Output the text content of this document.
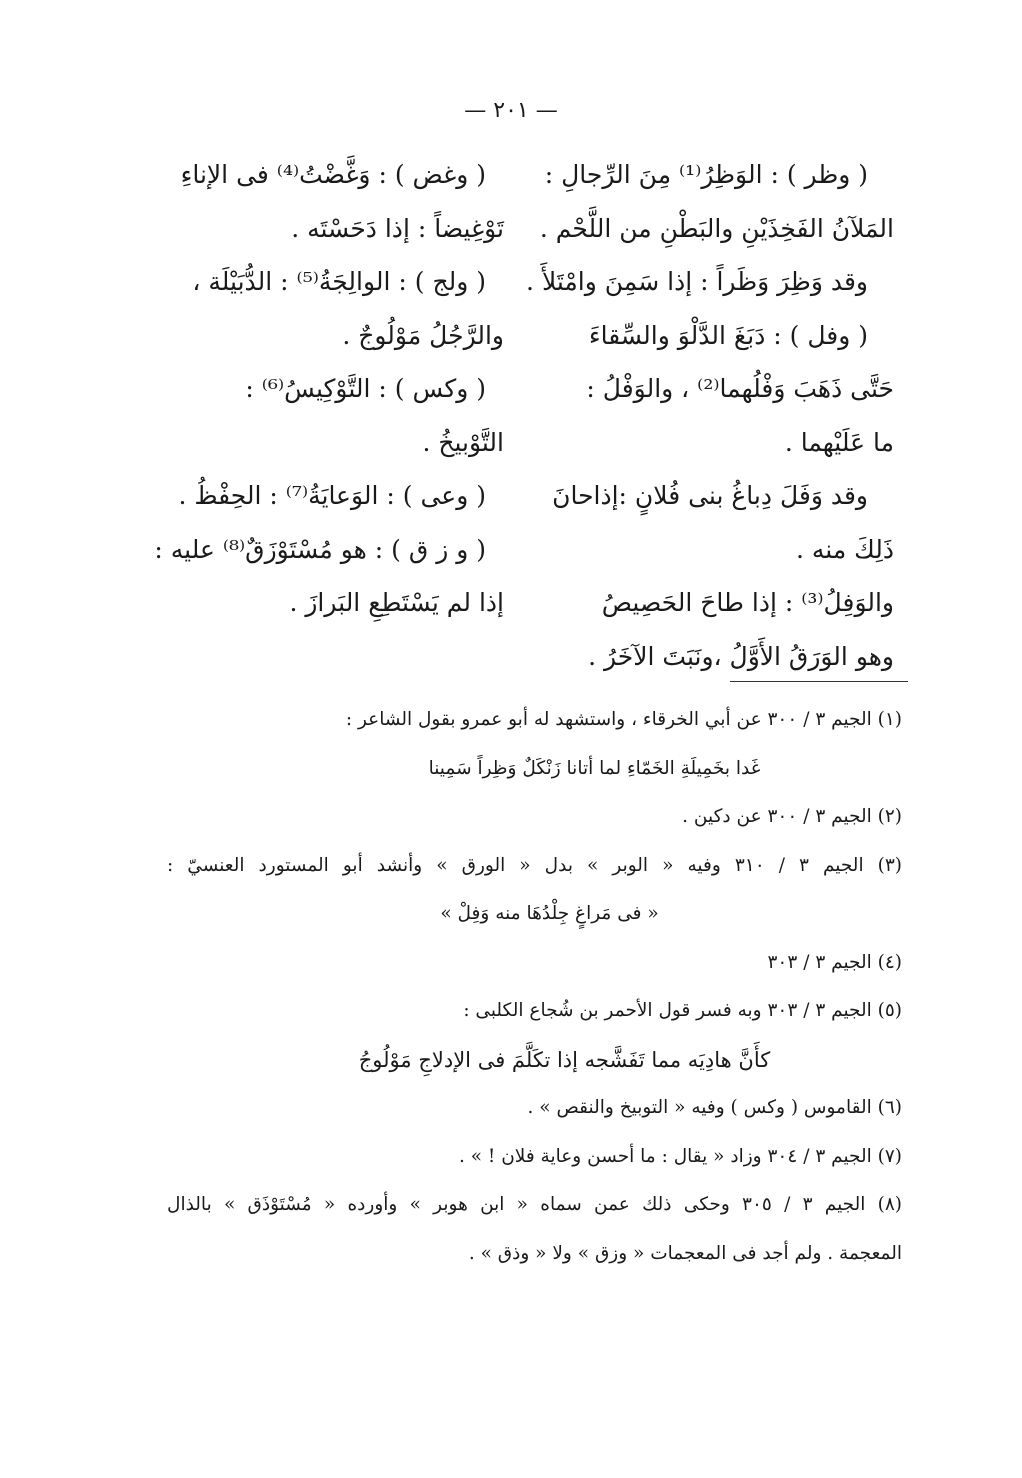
— ٢٠١ —
( وظر ) : الوَظِرُ⁽¹⁾ مِنَ الرِّجالِ :
المَلآنُ الفَخِذَيْنِ والبَطْنِ من اللَّحْم .
وقد وَظِرَ وَظَراً : إذا سَمِنَ وامْتَلأَ .
( وفل ) : دَبَغَ الدَّلْوَ والسِّقاءَ
حَتَّى ذَهَبَ وَفْلُهما⁽²⁾ ، والوَفْلُ :
ما عَلَيْهما .
وقد وَفَلَ دِباغُ بنى فُلانٍ :إذاحانَ
ذَلِكَ منه .
والوَفِلُ⁽³⁾ : إذا طاحَ الحَصِيصُ
وهو الوَرَقُ الأَوَّلُ ،ونَبَتَ الآخَرُ .
( وغض ) : وَغَّضْتُ⁽⁴⁾ فى الإناءِ
تَوْغِيضاً : إذا دَحَسْتَه .
( ولج ) : الوالِجَةُ⁽⁵⁾ : الدُّبَيْلَة ،
والرَّجُلُ مَوْلُوجٌ .
( وكس ) : التَّوْكِيسُ⁽⁶⁾ :
التَّوْبيخُ .
( وعى ) : الوَعايَةُ⁽⁷⁾ : الحِفْظُ .
( و ز ق ) : هو مُسْتَوْزَقٌ⁽⁸⁾ عليه :
إذا لم يَسْتَطِعِ البَرازَ .
(١) الجيم ٣ / ٣٠٠ عن أبي الخرقاء ، واستشهد له أبو عمرو بقول الشاعر :
غَدا بخَمِيلَةِ الخَمّاءِ لما أتانا زَنْكَلٌ وَظِراً سَمِينا
(٢) الجيم ٣ / ٣٠٠ عن دكين .
(٣) الجيم ٣ / ٣١٠ وفيه « الوبر » بدل « الورق » وأنشد أبو المستورد العنسيّ :
« فى مَراغٍ جِلْدُهَا منه وَفِلْ »
(٤) الجيم ٣ / ٣٠٣
(٥) الجيم ٣ / ٣٠٣ وبه فسر قول الأحمر بن شُجاع الكلبى :
كأَنَّ هادِيَه مما تَفَشَّجه إذا تكَلَّمَ فى الإدلاجِ مَوْلُوجُ
(٦) القاموس ( وكس ) وفيه « التوبيخ والنقص » .
(٧) الجيم ٣ / ٣٠٤ وزاد « يقال : ما أحسن وعاية فلان ! » .
(٨) الجيم ٣ / ٣٠٥ وحكى ذلك عمن سماه « ابن هوبر » وأورده « مُسْتَوْذَق » بالذال
المعجمة . ولم أجد فى المعجمات « وزق » ولا « وذق » .
